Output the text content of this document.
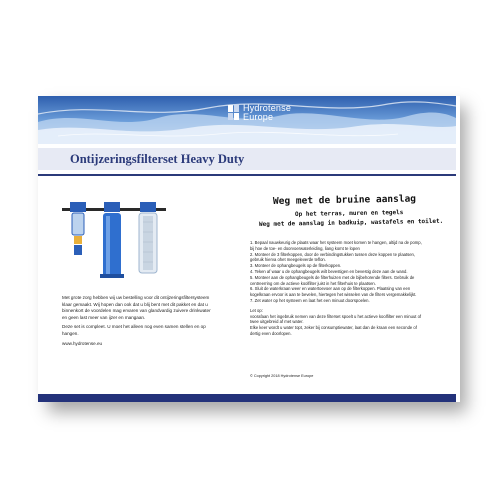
Hydrotense
Europe
Ontijzeringsfilterset Heavy Duty

Met grote zorg hebben wij uw bestelling voor dit ontijzeringsfiltersysteem klaar gemaakt. Wij hopen dan ook dat u blij bent met dit pakket en dat u binnenkort de voordelen mag ervaren van glandvardig zuivere drinkwater en geen last meer van ijzer en mangaan.

Deze set is compleet. U moet het alleen nog even samen stellen en op hangen.

www.hydrotense.eu

Weg met de bruine aanslag
Op het terras, muren en tegels
Weg met de aanslag in badkuip, wastafels en toilet.

1. Bepaal nauwkeurig de plaats waar het systeem moet komen te hangen, altijd na de pomp,

bij hoe de toe- en doorvoerwaterleiding, liang komt te lopen

2. Monteer de 3 filterkoppen, door de verbindingstukken tussen deze koppen te plaatsen,

gebruik hierva ohet meegeleverde teflon.

3. Monteer de ophangbeugels op de filterkoppen.

4. Teken af waar u de ophangbeugels wilt bevestigen en bevestig deze aan de wand.

5. Monteer aan de ophangbeugels de filterhuizen met de bijbehorende filters. Gebruik de

centreerring om de actieve koolfilter juist in het filterhuis te plaatsen.

6. Sluit de waterkraan weer en watertoevoer aan op de filterkoppen. Plaatsing van een

kogelkraan ervoor is aan te bevelen, hiertegen het wisselen van de filters vergemakkelijkt.

7. Zet water op het systeem en laat het een minuut doorspoelen.

Let op:

voorafaan het ingebruik nemen van deze filterset spoelt u het actieve koolfilter een minuut of

twee uitgebreid af met water.

Elke keer wordt u water topt, zeker bij consumptiewater, laat dan de kraan een seconde of

dertig even doorlopen.

© Copyright 2018 Hydrotense Europe
